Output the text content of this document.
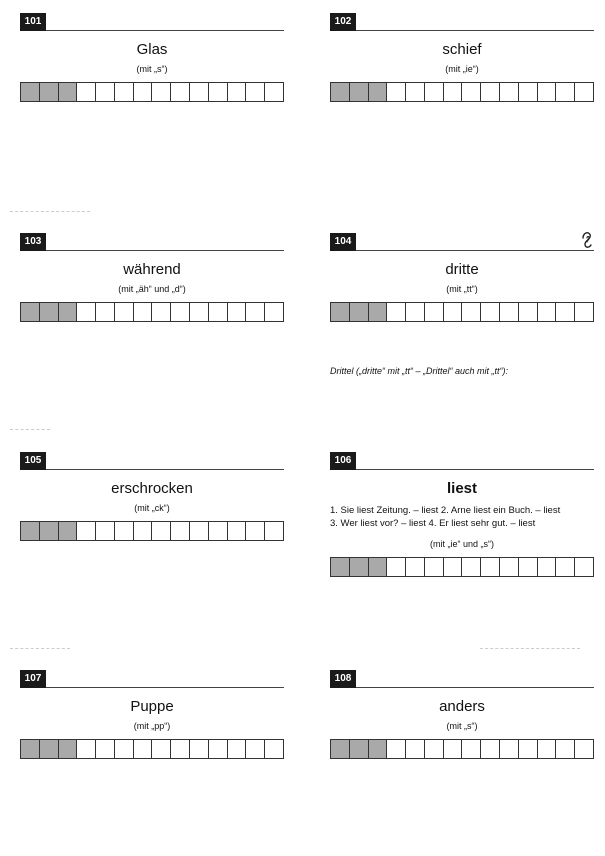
101
Glas
(mit „s“)
102
schief
(mit „ie“)
103
während
(mit „äh“ und „d“)
104
dritte
(mit „tt“)
Drittel („dritte“ mit „tt“ – „Drittel“ auch mit „tt“):
105
erschrocken
(mit „ck“)
106
liest
1. Sie liest Zeitung. – liest 2. Arne liest ein Buch. – liest
3. Wer liest vor? – liest 4. Er liest sehr gut. – liest
(mit „ie“ und „s“)
107
Puppe
(mit „pp“)
108
anders
(mit „s“)
